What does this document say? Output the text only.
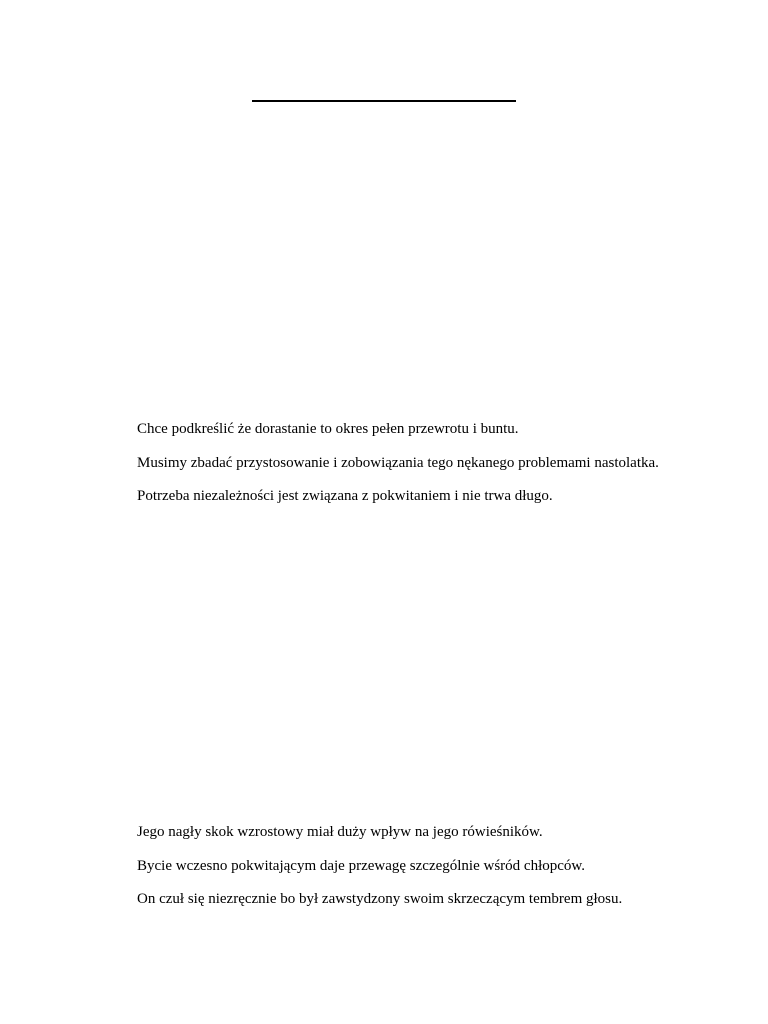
Chce podkreślić że dorastanie to okres pełen przewrotu i buntu.

Musimy zbadać przystosowanie i zobowiązania tego nękanego problemami nastolatka.

Potrzeba niezależności jest związana z pokwitaniem i nie trwa długo.

Jego nagły skok wzrostowy miał duży wpływ na jego rówieśników.

Bycie wczesno pokwitającym daje przewagę szczególnie wśród chłopców.

On czuł się niezręcznie bo był zawstydzony swoim skrzeczącym tembrem głosu.
